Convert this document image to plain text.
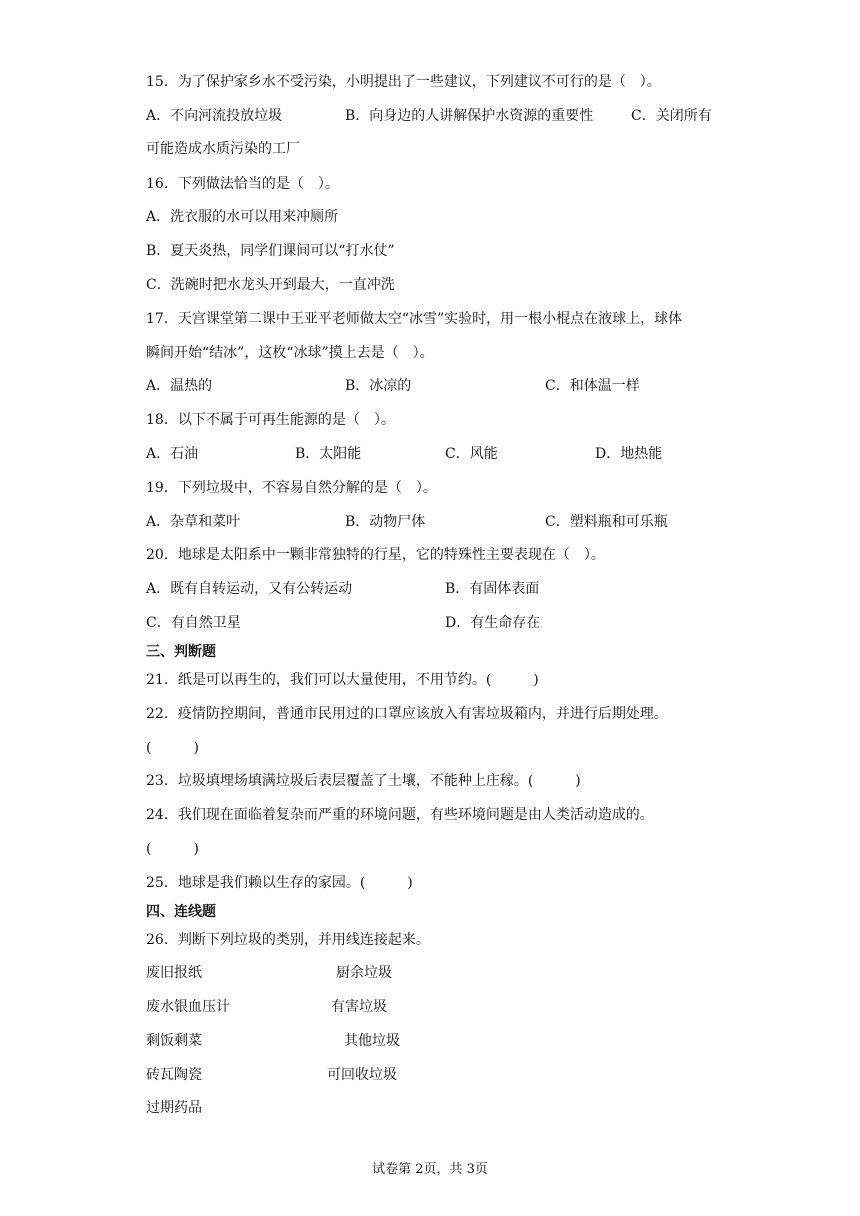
15．为了保护家乡水不受污染，小明提出了一些建议，下列建议不可行的是（　）。
A．不向河流投放垃圾	B．向身边的人讲解保护水资源的重要性	C．关闭所有
可能造成水质污染的工厂
16．下列做法恰当的是（　）。
A．洗衣服的水可以用来冲厕所
B．夏天炎热，同学们课间可以“打水仗”
C．洗碗时把水龙头开到最大，一直冲洗
17．天宫课堂第二课中王亚平老师做太空“冰雪”实验时，用一根小棍点在液球上，球体
瞬间开始“结冰”，这枚“冰球”摸上去是（　）。
A．温热的	B．冰凉的	C．和体温一样
18．以下不属于可再生能源的是（　）。
A．石油	B．太阳能	C．风能	D．地热能
19．下列垃圾中，不容易自然分解的是（　）。
A．杂草和菜叶	B．动物尸体	C．塑料瓶和可乐瓶
20．地球是太阳系中一颗非常独特的行星，它的特殊性主要表现在（　）。
A．既有自转运动，又有公转运动	B．有固体表面
C．有自然卫星	D．有生命存在
三、判断题
21．纸是可以再生的，我们可以大量使用，不用节约。(　　　)
22．疫情防控期间，普通市民用过的口罩应该放入有害垃圾箱内，并进行后期处理。
(　　　)
23．垃圾填埋场填满垃圾后表层覆盖了土壤，不能种上庄稼。(　　　)
24．我们现在面临着复杂而严重的环境问题，有些环境问题是由人类活动造成的。
(　　　)
25．地球是我们赖以生存的家园。(　　　)
四、连线题
26．判断下列垃圾的类别，并用线连接起来。
废旧报纸	厨余垃圾
废水银血压计	有害垃圾
剩饭剩菜	其他垃圾
砖瓦陶瓷	可回收垃圾
过期药品
试卷第 2页，共 3页
